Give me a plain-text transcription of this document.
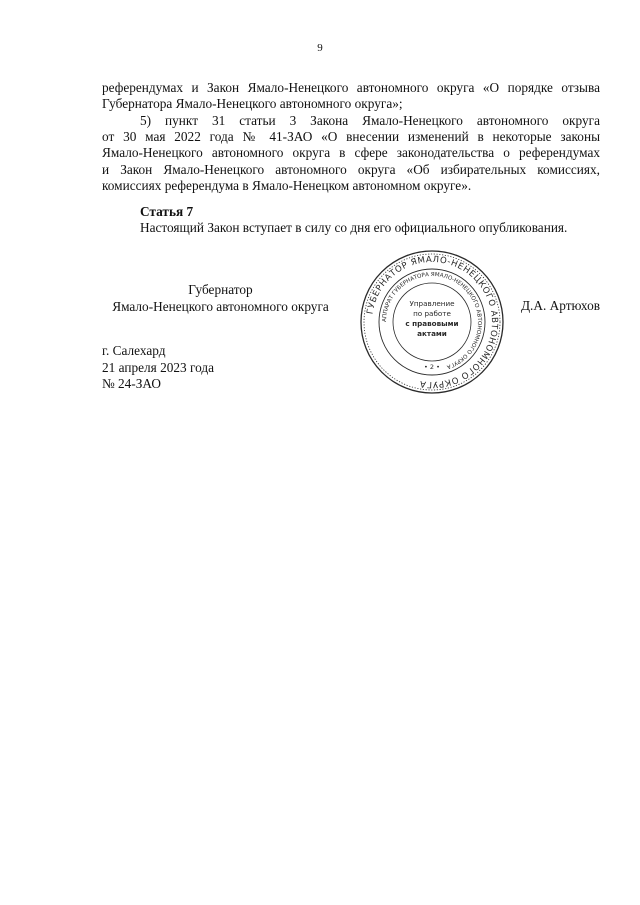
9
референдумах и Закон Ямало-Ненецкого автономного округа «О порядке отзыва
Губернатора Ямало-Ненецкого автономного округа»;
5) пункт 31 статьи 3 Закона Ямало-Ненецкого автономного округа
от 30 мая 2022 года № 41-ЗАО «О внесении изменений в некоторые законы
Ямало-Ненецкого автономного округа в сфере законодательства о референдумах
и Закон Ямало-Ненецкого автономного округа «Об избирательных комиссиях,
комиссиях референдума в Ямало-Ненецком автономном округе».
Статья 7
Настоящий Закон вступает в силу со дня его официального опубликования.
Губернатор
Ямало-Ненецкого автономного округа	Д.А. Артюхов
ГУБЕРНАТОР ЯМАЛО-НЕНЕЦКОГО АВТОНОМНОГО ОКРУГА
АППАРАТ ГУБЕРНАТОРА ЯМАЛО-НЕНЕЦКОГО АВТОНОМНОГО ОКРУГА
Управление
по работе
с правовыми
актами
• 2 •
г. Салехард
21 апреля 2023 года
№ 24-ЗАО
